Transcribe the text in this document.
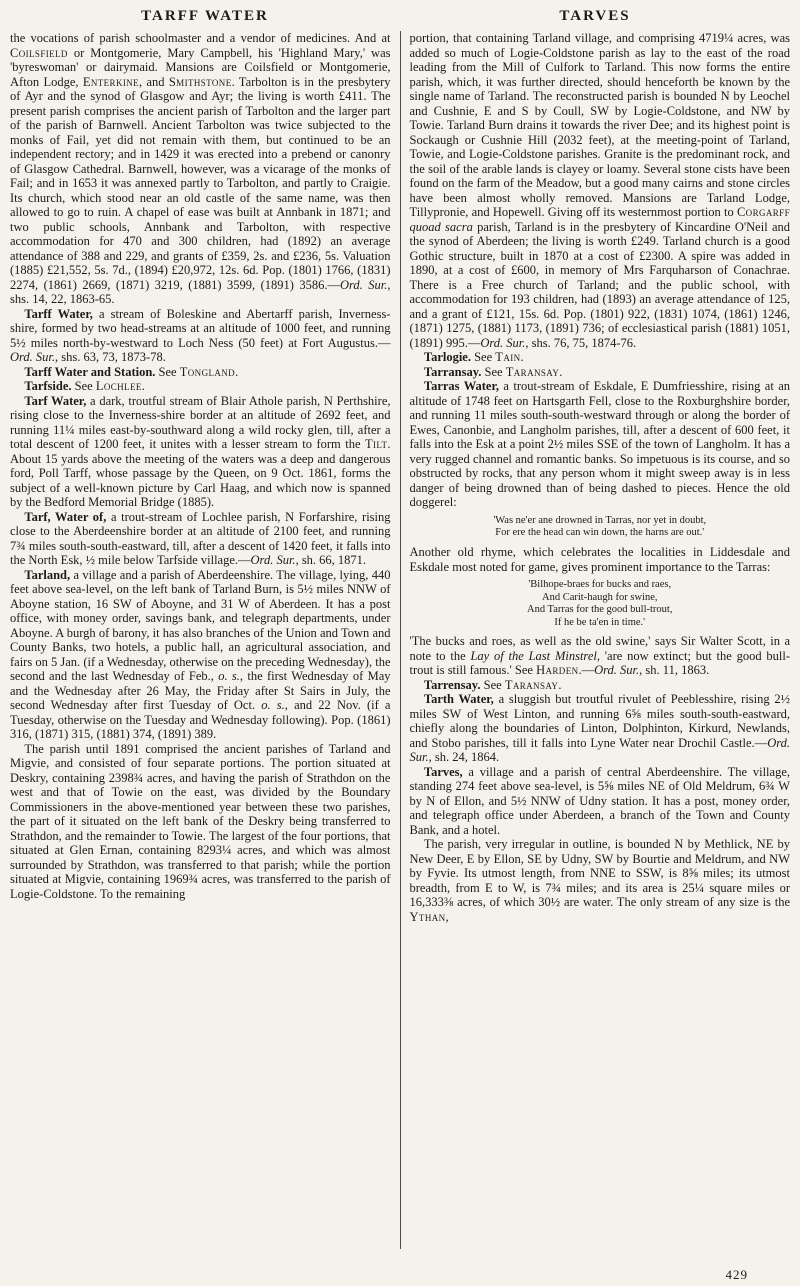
TARFF WATER	TARVES

the vocations of parish schoolmaster and a vendor of medicines. And at Coilsfield or Montgomerie, Mary Campbell, his 'Highland Mary,' was 'byreswoman' or dairymaid. Mansions are Coilsfield or Montgomerie, Afton Lodge, Enterkine, and Smithstone. Tarbolton is in the presbytery of Ayr and the synod of Glasgow and Ayr; the living is worth £411. The present parish comprises the ancient parish of Tarbolton and the larger part of the parish of Barnwell. Ancient Tarbolton was twice subjected to the monks of Fail, yet did not remain with them, but continued to be an independent rectory; and in 1429 it was erected into a prebend or canonry of Glasgow Cathedral. Barnwell, however, was a vicarage of the monks of Fail; and in 1653 it was annexed partly to Tarbolton, and partly to Craigie. Its church, which stood near an old castle of the same name, was then allowed to go to ruin. A chapel of ease was built at Annbank in 1871; and two public schools, Annbank and Tarbolton, with respective accommodation for 470 and 300 children, had (1892) an average attendance of 388 and 229, and grants of £359, 2s. and £236, 5s. Valuation (1885) £21,552, 5s. 7d., (1894) £20,972, 12s. 6d. Pop. (1801) 1766, (1831) 2274, (1861) 2669, (1871) 3219, (1881) 3599, (1891) 3586.—Ord. Sur., shs. 14, 22, 1863-65.

Tarff Water, a stream of Boleskine and Abertarff parish, Inverness-shire, formed by two head-streams at an altitude of 1000 feet, and running 5½ miles north-by-westward to Loch Ness (50 feet) at Fort Augustus.—Ord. Sur., shs. 63, 73, 1873-78.

Tarff Water and Station. See Tongland.

Tarfside. See Lochlee.

Tarf Water, a dark, troutful stream of Blair Athole parish, N Perthshire, rising close to the Inverness-shire border at an altitude of 2692 feet, and running 11¼ miles east-by-southward along a wild rocky glen, till, after a total descent of 1200 feet, it unites with a lesser stream to form the Tilt. About 15 yards above the meeting of the waters was a deep and dangerous ford, Poll Tarff, whose passage by the Queen, on 9 Oct. 1861, forms the subject of a well-known picture by Carl Haag, and which now is spanned by the Bedford Memorial Bridge (1885).

Tarf, Water of, a trout-stream of Lochlee parish, N Forfarshire, rising close to the Aberdeenshire border at an altitude of 2100 feet, and running 7¾ miles south-south-eastward, till, after a descent of 1420 feet, it falls into the North Esk, ½ mile below Tarfside village.—Ord. Sur., sh. 66, 1871.

Tarland, a village and a parish of Aberdeenshire. The village, lying, 440 feet above sea-level, on the left bank of Tarland Burn, is 5½ miles NNW of Aboyne station, 16 SW of Aboyne, and 31 W of Aberdeen. It has a post office, with money order, savings bank, and telegraph departments, under Aboyne. A burgh of barony, it has also branches of the Union and Town and County Banks, two hotels, a public hall, an agricultural association, and fairs on 5 Jan. (if a Wednesday, otherwise on the preceding Wednesday), the second and the last Wednesday of Feb., o. s., the first Wednesday of May and the Wednesday after 26 May, the Friday after St Sairs in July, the second Wednesday after first Tuesday of Oct. o. s., and 22 Nov. (if a Tuesday, otherwise on the Tuesday and Wednesday following). Pop. (1861) 316, (1871) 315, (1881) 374, (1891) 389.

The parish until 1891 comprised the ancient parishes of Tarland and Migvie, and consisted of four separate portions. The portion situated at Deskry, containing 2398¾ acres, and having the parish of Strathdon on the west and that of Towie on the east, was divided by the Boundary Commissioners in the above-mentioned year between these two parishes, the part of it situated on the left bank of the Deskry being transferred to Strathdon, and the remainder to Towie. The largest of the four portions, that situated at Glen Ernan, containing 8293¼ acres, and which was almost surrounded by Strathdon, was transferred to that parish; while the portion situated at Migvie, containing 1969¾ acres, was transferred to the parish of Logie-Coldstone. To the remaining

portion, that containing Tarland village, and comprising 4719¼ acres, was added so much of Logie-Coldstone parish as lay to the east of the road leading from the Mill of Culfork to Tarland. This now forms the entire parish, which, it was further directed, should henceforth be known by the single name of Tarland. The reconstructed parish is bounded N by Leochel and Cushnie, E and S by Coull, SW by Logie-Coldstone, and NW by Towie. Tarland Burn drains it towards the river Dee; and its highest point is Sockaugh or Cushnie Hill (2032 feet), at the meeting-point of Tarland, Towie, and Logie-Coldstone parishes. Granite is the predominant rock, and the soil of the arable lands is clayey or loamy. Several stone cists have been found on the farm of the Meadow, but a good many cairns and stone circles have been almost wholly removed. Mansions are Tarland Lodge, Tillypronie, and Hopewell. Giving off its westernmost portion to Corgarff quoad sacra parish, Tarland is in the presbytery of Kincardine O'Neil and the synod of Aberdeen; the living is worth £249. Tarland church is a good Gothic structure, built in 1870 at a cost of £2300. A spire was added in 1890, at a cost of £600, in memory of Mrs Farquharson of Conachrae. There is a Free church of Tarland; and the public school, with accommodation for 193 children, had (1893) an average attendance of 125, and a grant of £121, 15s. 6d. Pop. (1801) 922, (1831) 1074, (1861) 1246, (1871) 1275, (1881) 1173, (1891) 736; of ecclesiastical parish (1881) 1051, (1891) 995.—Ord. Sur., shs. 76, 75, 1874-76.

Tarlogie. See Tain.

Tarransay. See Taransay.

Tarras Water, a trout-stream of Eskdale, E Dumfriesshire, rising at an altitude of 1748 feet on Hartsgarth Fell, close to the Roxburghshire border, and running 11 miles south-south-westward through or along the border of Ewes, Canonbie, and Langholm parishes, till, after a descent of 600 feet, it falls into the Esk at a point 2½ miles SSE of the town of Langholm. It has a very rugged channel and romantic banks. So impetuous is its course, and so obstructed by rocks, that any person whom it might sweep away is in less danger of being drowned than of being dashed to pieces. Hence the old doggerel:

'Was ne'er ane drowned in Tarras, nor yet in doubt,
For ere the head can win down, the harns are out.'

Another old rhyme, which celebrates the localities in Liddesdale and Eskdale most noted for game, gives prominent importance to the Tarras:

'Bilhope-braes for bucks and raes,
And Carit-haugh for swine,
And Tarras for the good bull-trout,
If he be ta'en in time.'

'The bucks and roes, as well as the old swine,' says Sir Walter Scott, in a note to the Lay of the Last Minstrel, 'are now extinct; but the good bull-trout is still famous.' See Harden.—Ord. Sur., sh. 11, 1863.

Tarrensay. See Taransay.

Tarth Water, a sluggish but troutful rivulet of Peeblesshire, rising 2½ miles SW of West Linton, and running 6⅝ miles south-south-eastward, chiefly along the boundaries of Linton, Dolphinton, Kirkurd, Newlands, and Stobo parishes, till it falls into Lyne Water near Drochil Castle.—Ord. Sur., sh. 24, 1864.

Tarves, a village and a parish of central Aberdeenshire. The village, standing 274 feet above sea-level, is 5⅝ miles NE of Old Meldrum, 6¾ W by N of Ellon, and 5½ NNW of Udny station. It has a post, money order, and telegraph office under Aberdeen, a branch of the Town and County Bank, and a hotel.

The parish, very irregular in outline, is bounded N by Methlick, NE by New Deer, E by Ellon, SE by Udny, SW by Bourtie and Meldrum, and NW by Fyvie. Its utmost length, from NNE to SSW, is 8⅝ miles; its utmost breadth, from E to W, is 7¾ miles; and its area is 25¼ square miles or 16,333⅜ acres, of which 30½ are water. The only stream of any size is the Ythan,

429
